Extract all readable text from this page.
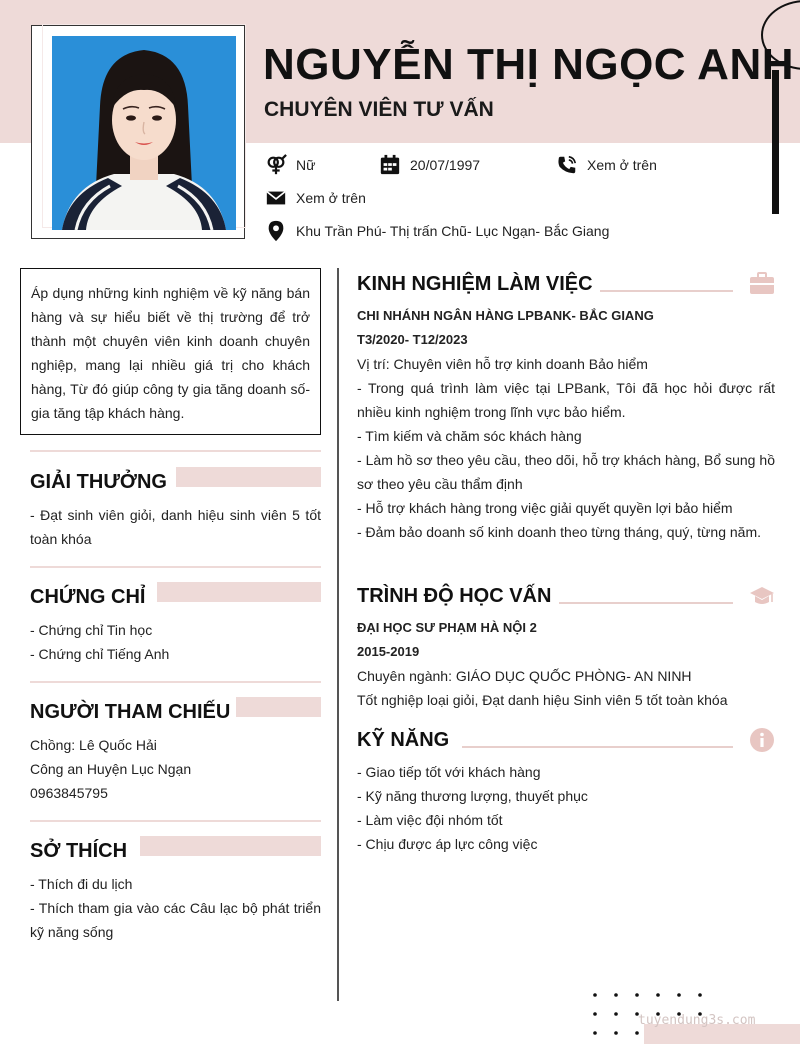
NGUYỄN THỊ NGỌC ANH
CHUYÊN VIÊN TƯ VẤN
Nữ	20/07/1997	Xem ở trên
Xem ở trên
Khu Trần Phú- Thị trấn Chũ- Lục Ngạn- Bắc Giang
Áp dụng những kinh nghiệm về kỹ năng bán hàng và sự hiểu biết về thị trường để trở thành một chuyên viên kinh doanh chuyên nghiệp, mang lại nhiều giá trị cho khách hàng, Từ đó giúp công ty gia tăng doanh số- gia tăng tập khách hàng.
GIẢI THƯỞNG
- Đạt sinh viên giỏi, danh hiệu sinh viên 5 tốt toàn khóa
CHỨNG CHỈ
- Chứng chỉ Tin học
- Chứng chỉ Tiếng Anh
NGƯỜI THAM CHIẾU
Chồng: Lê Quốc Hải
Công an Huyện Lục Ngạn
0963845795
SỞ THÍCH
- Thích đi du lịch
- Thích tham gia vào các Câu lạc bộ phát triển kỹ năng sống
KINH NGHIỆM LÀM VIỆC
CHI NHÁNH NGÂN HÀNG LPBANK- BẮC GIANG
T3/2020- T12/2023
Vị trí: Chuyên viên hỗ trợ kinh doanh Bảo hiểm
- Trong quá trình làm việc tại LPBank, Tôi đã học hỏi được rất nhiều kinh nghiệm trong lĩnh vực bảo hiểm.
- Tìm kiếm và chăm sóc khách hàng
- Làm hồ sơ theo yêu cầu, theo dõi, hỗ trợ khách hàng, Bổ sung hồ sơ theo yêu cầu thẩm định
- Hỗ trợ khách hàng trong việc giải quyết quyền lợi bảo hiểm
- Đảm bảo doanh số kinh doanh theo từng tháng, quý, từng năm.
TRÌNH ĐỘ HỌC VẤN
ĐẠI HỌC SƯ PHẠM HÀ NỘI 2
2015-2019
Chuyên ngành: GIÁO DỤC QUỐC PHÒNG- AN NINH
Tốt nghiệp loại giỏi, Đạt danh hiệu Sinh viên 5 tốt toàn khóa
KỸ NĂNG
- Giao tiếp tốt với khách hàng
- Kỹ năng thương lượng, thuyết phục
- Làm việc đội nhóm tốt
- Chịu được áp lực công việc
tuyendung3s.com
